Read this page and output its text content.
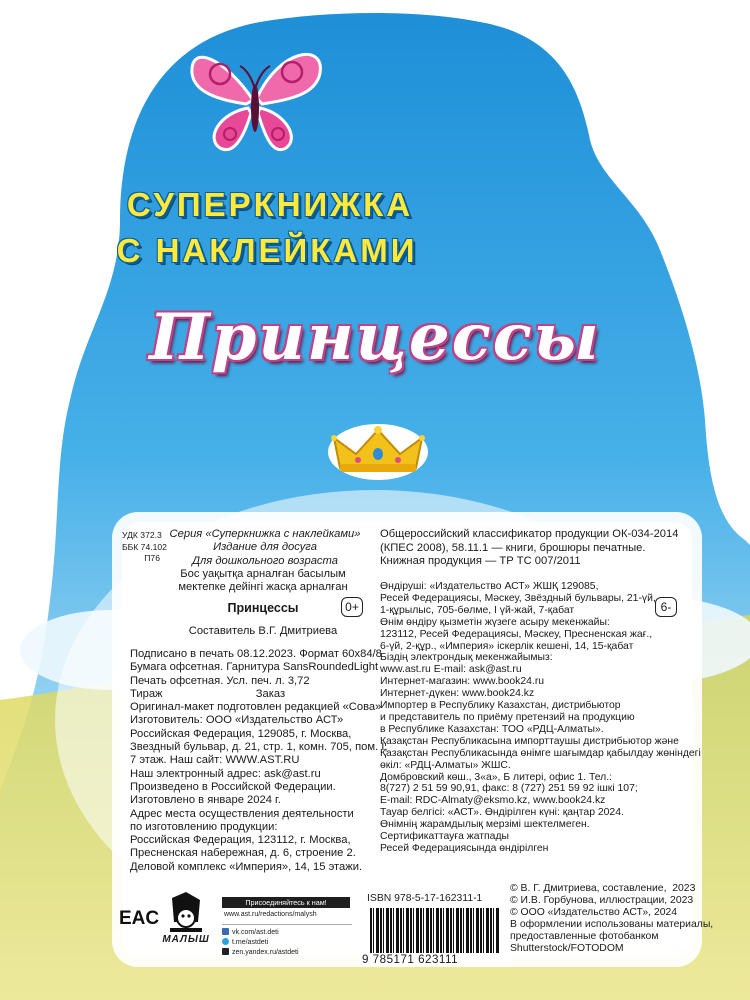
СУПЕРКНИЖКА
С НАКЛЕЙКАМИ
Принцессы
УДК 372.3
ББК 74.102
П76
Серия «Суперкнижка с наклейками»
Издание для досуга
Для дошкольного возраста
Бос уақытқа арналған басылым
мектепке дейінгі жасқа арналған
Принцессы
Составитель В.Г. Дмитриева
0+
Подписано в печать 08.12.2023. Формат 60х84/8
Бумага офсетная. Гарнитура SansRoundedLight
Печать офсетная. Усл. печ. л. 3,72
Тираж                              Заказ
Оригинал-макет подготовлен редакцией «Сова»
Изготовитель: ООО «Издательство АСТ»
Российская Федерация, 129085, г. Москва,
Звездный бульвар, д. 21, стр. 1, комн. 705, пом. I,
7 этаж. Наш сайт: WWW.AST.RU
Наш электронный адрес: ask@ast.ru
Произведено в Российской Федерации.
Изготовлено в январе 2024 г.
Адрес места осуществления деятельности
по изготовлению продукции:
Российская Федерация, 123112, г. Москва,
Пресненская набережная, д. 6, строение 2.
Деловой комплекс «Империя», 14, 15 этажи.
Общероссийский классификатор продукции ОК-034-2014
(КПЕС 2008), 58.11.1 — книги, брошюры печатные.
Книжная продукция — ТР ТС 007/2011
Өндіруші: «Издательство АСТ» ЖШҚ 129085,
Ресей Федерациясы, Мәскеу, Звёздный бульвары, 21-үй,
1-құрылыс, 705-бөлме, І үй-жай, 7-қабат
Өнім өндіру қызметін жүзеге асыру мекенжайы:
123112, Ресей Федерациясы, Мәскеу, Пресненская жағ.,
6-үй, 2-құр., «Империя» іскерлік кешені, 14, 15-қабат
Біздің электрондық мекенжайымыз:
www.ast.ru E-mail: ask@ast.ru
Интернет-магазин: www.book24.ru
Интернет-дүкен: www.book24.kz
Импортер в Республику Казахстан, дистрибьютор
и представитель по приёму претензий на продукцию
в Республике Казахстан: ТОО «РДЦ-Алматы».
Қазақстан Республикасына импорттаушы дистрибьютор және
Қазақстан Республикасында өнімге шағымдар қабылдау жөніндегі
өкіл: «РДЦ-Алматы» ЖШС.
Домбровский көш., 3«а», Б литері, офис 1. Тел.:
8(727) 2 51 59 90,91, факс: 8 (727) 251 59 92 ішкі 107;
E-mail: RDC-Almaty@eksmo.kz, www.book24.kz
Тауар белгісі: «АСТ». Өндірілген күні: қаңтар 2024.
Өнімнің жарамдылық мерзімі шектелмеген.
Сертификаттауға жатпады
Ресей Федерациясында өндірілген
6-
EAC
МАЛЫШ
Присоединяйтесь к нам!
www.ast.ru/redactions/malysh
vk.com/ast.deti
t.me/astdeti
zen.yandex.ru/astdeti
ISBN 978-5-17-162311-1
9 785171 623111
© В. Г. Дмитриева, составление,  2023
© И.В. Горбунова, иллюстрации, 2023
© ООО «Издательство АСТ», 2024
В оформлении использованы материалы,
предоставленные фотобанком
Shutterstock/FOTODOM
